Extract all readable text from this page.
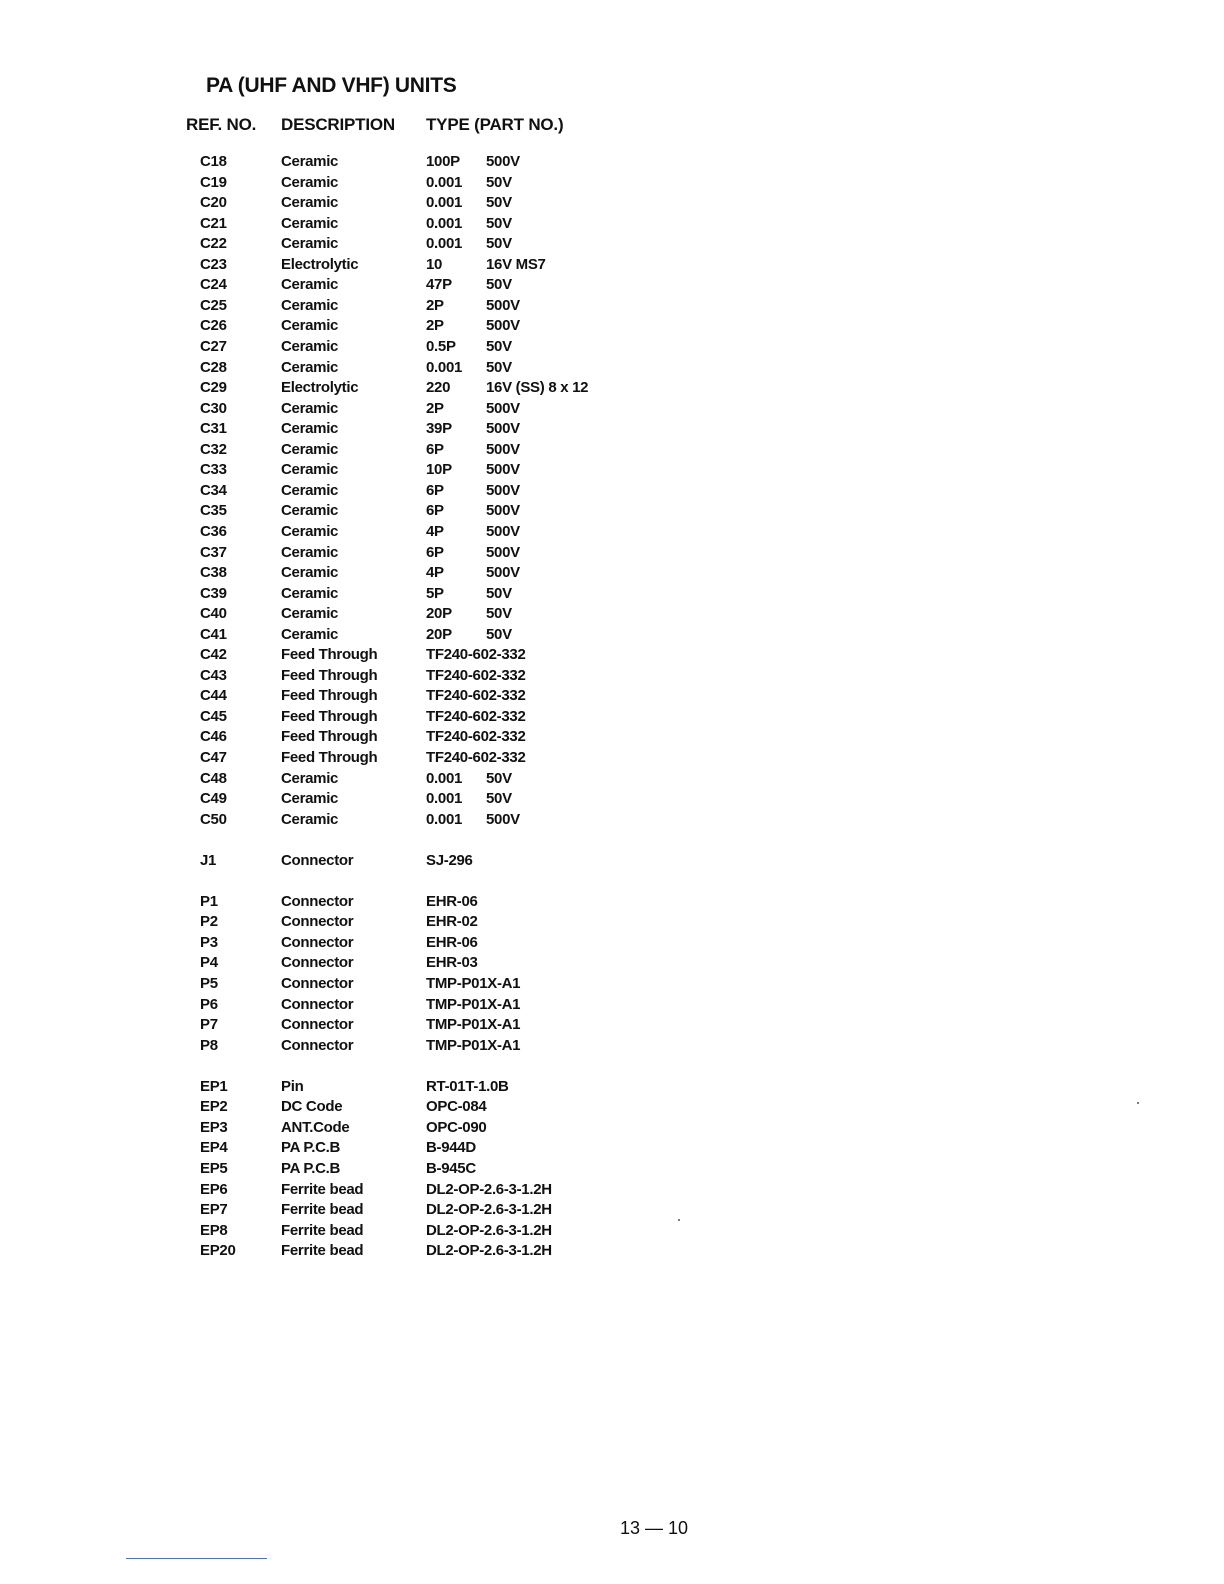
PA (UHF AND VHF) UNITS
REF. NO. DESCRIPTION TYPE (PART NO.)
C18	Ceramic	100P 500V
C19	Ceramic	0.001 50V
C20	Ceramic	0.001 50V
C21	Ceramic	0.001 50V
C22	Ceramic	0.001 50V
C23	Electrolytic	10	16V MS7
C24	Ceramic	47P 50V
C25	Ceramic	2P	500V
C26	Ceramic	2P	500V
C27	Ceramic	0.5P 50V
C28	Ceramic	0.001 50V
C29	Electrolytic	220 16V (SS) 8 x 12
C30	Ceramic	2P	500V
C31	Ceramic	39P 500V
C32	Ceramic	6P	500V
C33	Ceramic	10P 500V
C34	Ceramic	6P	500V
C35	Ceramic	6P	500V
C36	Ceramic	4P	500V
C37	Ceramic	6P	500V
C38	Ceramic	4P	500V
C39	Ceramic	5P	50V
C40	Ceramic	20P 50V
C41	Ceramic	20P 50V
C42	Feed Through	TF240-602-332
C43	Feed Through	TF240-602-332
C44	Feed Through	TF240-602-332
C45	Feed Through	TF240-602-332
C46	Feed Through	TF240-602-332
C47	Feed Through	TF240-602-332
C48	Ceramic	0.001 50V
C49	Ceramic	0.001 50V
C50	Ceramic	0.001 500V
J1	Connector	SJ-296
P1	Connector	EHR-06
P2	Connector	EHR-02
P3	Connector	EHR-06
P4	Connector	EHR-03
P5	Connector	TMP-P01X-A1
P6	Connector	TMP-P01X-A1
P7	Connector	TMP-P01X-A1
P8	Connector	TMP-P01X-A1
EP1	Pin	RT-01T-1.0B
EP2	DC Code	OPC-084
EP3	ANT.Code	OPC-090
EP4	PA P.C.B	B-944D
EP5	PA P.C.B	B-945C
EP6	Ferrite bead	DL2-OP-2.6-3-1.2H
EP7	Ferrite bead	DL2-OP-2.6-3-1.2H
EP8	Ferrite bead	DL2-OP-2.6-3-1.2H
EP20	Ferrite bead	DL2-OP-2.6-3-1.2H
13 — 10
